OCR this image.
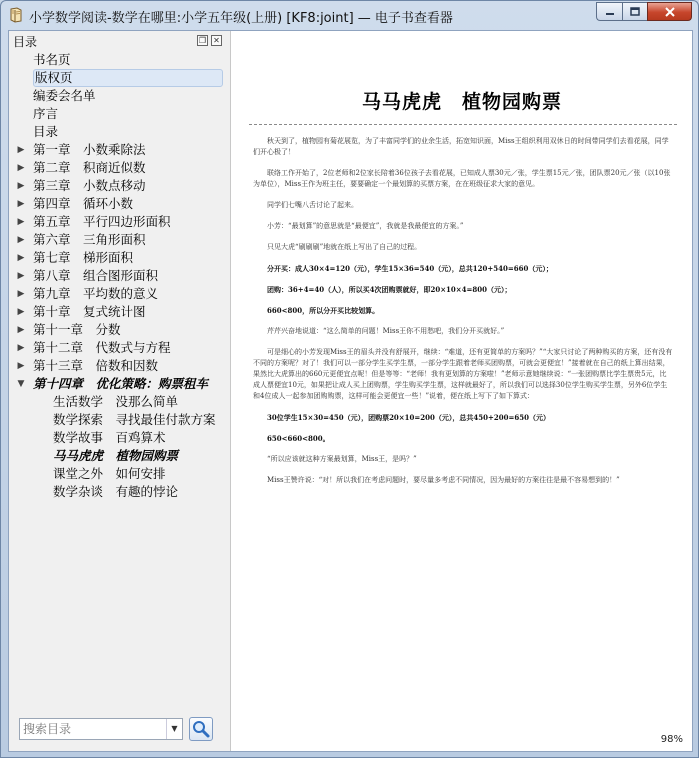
小学数学阅读-数学在哪里:小学五年级(上册) [KF8:joint] — 电子书查看器
目录	❐ ✕
书名页
版权页
编委会名单
序言
目录
▶ 第一章　小数乘除法
▶ 第二章　积商近似数
▶ 第三章　小数点移动
▶ 第四章　循环小数
▶ 第五章　平行四边形面积
▶ 第六章　三角形面积
▶ 第七章　梯形面积
▶ 第八章　组合图形面积
▶ 第九章　平均数的意义
▶ 第十章　复式统计图
▶ 第十一章　分数
▶ 第十二章　代数式与方程
▶ 第十三章　倍数和因数
▼ 第十四章　优化策略：购票租车
生活数学　没那么简单
数学探索　寻找最佳付款方案
数学故事　百鸡算术
马马虎虎　植物园购票
课堂之外　如何安排
数学杂谈　有趣的悖论
搜索目录
▼
马马虎虎　植物园购票

秋天到了，植物园有菊花展览，为了丰富同学们的业余生活，拓宽知识面，Miss王组织利用双休日的时间带同学们去看花展，同学们开心极了！

联络工作开始了，2位老师和2位家长陪着36位孩子去看花展，已知成人票30元／张，学生票15元／张，团队票20元／张（以10张为单位），Miss王作为班主任，要要确定一个最划算的买票方案，在在班级征求大家的意见。

同学们七嘴八舌讨论了起来。

小芳：“最划算”的意思就是“最便宜”，我就是我最便宜的方案。”

只见大虎“刷刷刷”地就在纸上写出了自己的过程。

分开买：成人30×4=120（元），学生15×36=540（元），总共120+540=660（元）；

团购：36+4=40（人），所以买4次团购票就好，即20×10×4=800（元）；

660<800，所以分开买比较划算。

芹芹兴奋地说道：“这么简单的问题！Miss王你不用愁吧，我们分开买就好。”

可是细心的小芳发现Miss王的眉头并没有舒展开，继续：“难道，还有更简单的方案吗？”“大家只讨论了两种购买的方案，还有没有不同的方案呢？对了！我们可以一部分学生买学生票，一部分学生跟着老师买团购票，可就会更便宜！”接着就在自己的纸上算出结果，果然比大虎算出的660元更便宜点呢！但是等等：“老师！我有更划算的方案啦！”老师示意她继续说：“一张团购票比学生票贵5元，比成人票便宜10元，如果把让成人买上团购票，学生购买学生票，这样就最好了，所以我们可以选择30位学生购买学生票，另外6位学生和4位成人一起参加团购购票，这样可能会更便宜一些！”说着，便在纸上写下了如下算式：

30位学生15×30=450（元），团购票20×10=200（元），总共450+200=650（元）

650<660<800。

“所以应该就这种方案最划算，Miss王，是吗？”

Miss王赞许说：“对！所以我们在考虑问题时，要尽量多考虑不同情况，因为最好的方案往往是最不容易想到的！”

98%
